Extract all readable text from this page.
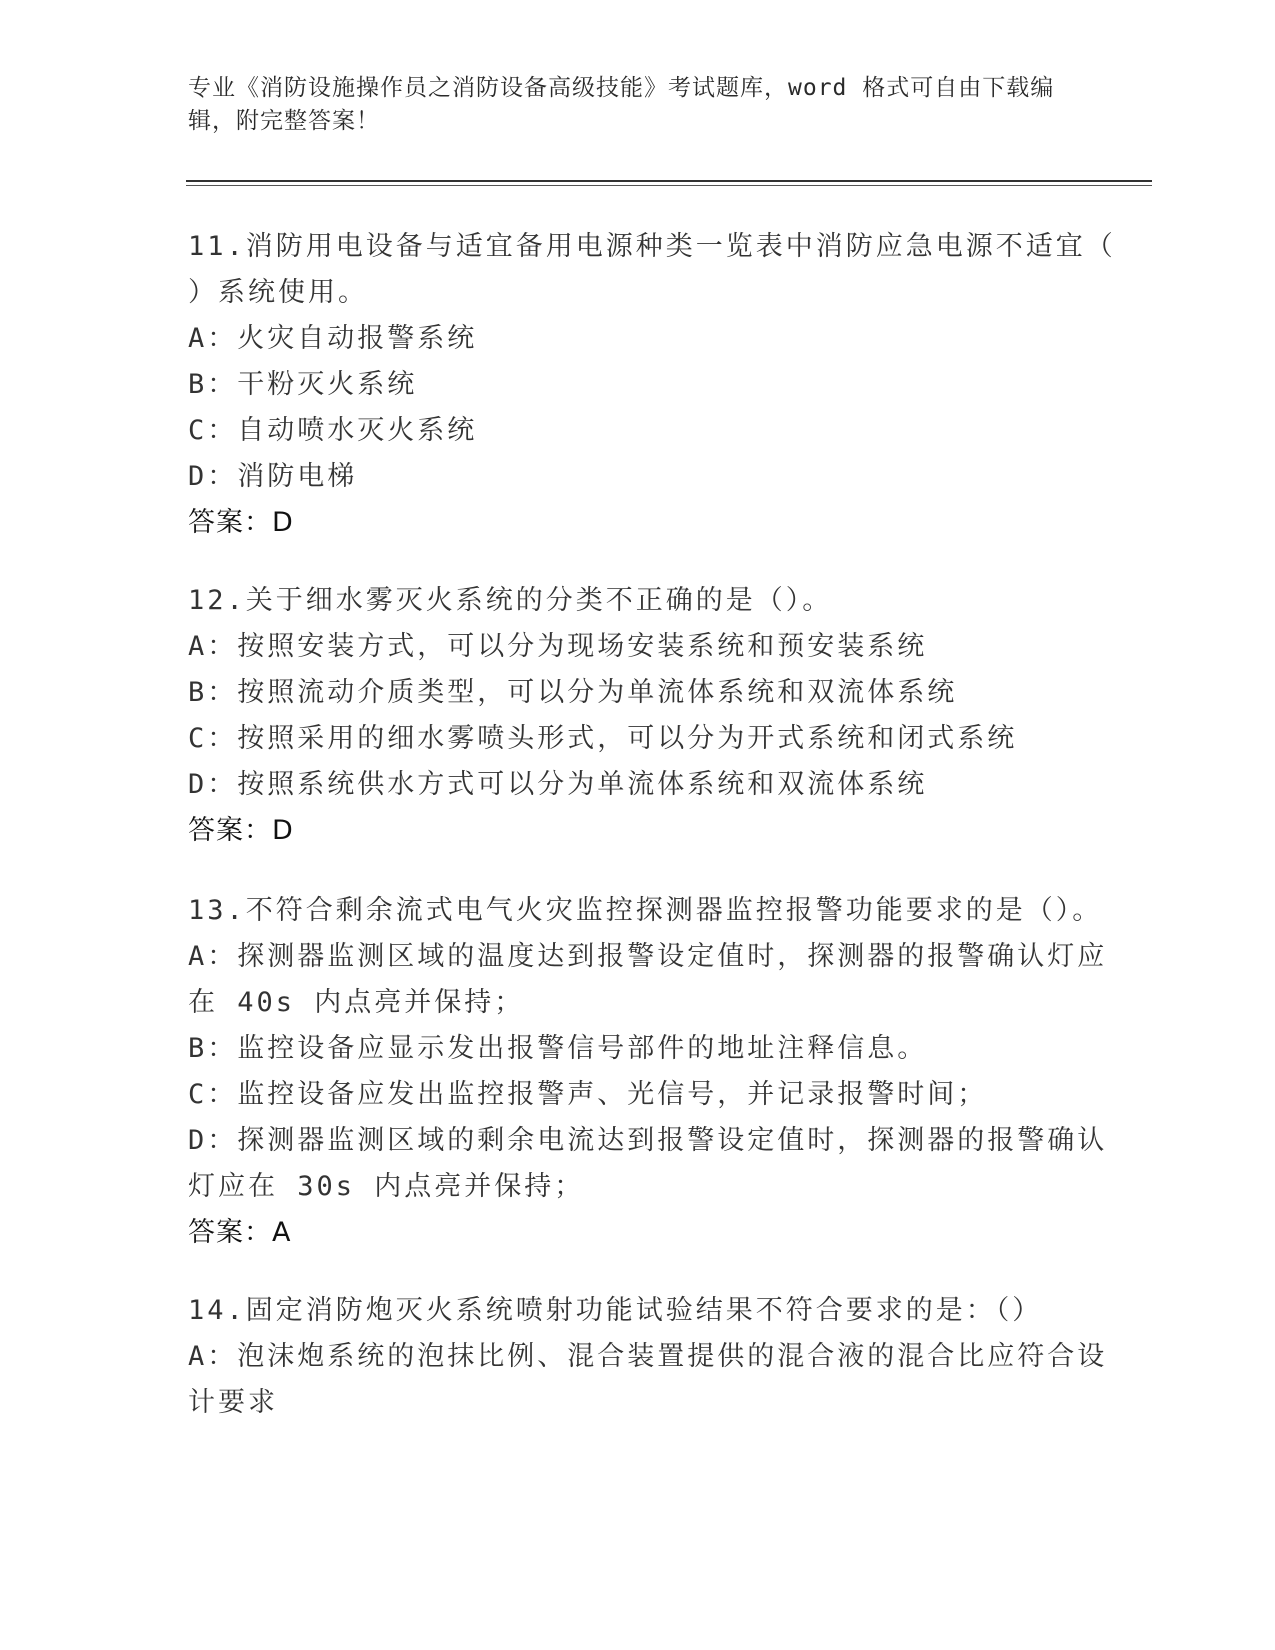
专业《消防设施操作员之消防设备高级技能》考试题库，word 格式可自由下载编
辑，附完整答案！
11.消防用电设备与适宜备用电源种类一览表中消防应急电源不适宜（
）系统使用。
A：火灾自动报警系统
B：干粉灭火系统
C：自动喷水灭火系统
D：消防电梯
答案：D
12.关于细水雾灭火系统的分类不正确的是（）。
A：按照安装方式，可以分为现场安装系统和预安装系统
B：按照流动介质类型，可以分为单流体系统和双流体系统
C：按照采用的细水雾喷头形式，可以分为开式系统和闭式系统
D：按照系统供水方式可以分为单流体系统和双流体系统
答案：D
13.不符合剩余流式电气火灾监控探测器监控报警功能要求的是（）。
A：探测器监测区域的温度达到报警设定值时，探测器的报警确认灯应
在 40s 内点亮并保持；
B：监控设备应显示发出报警信号部件的地址注释信息。
C：监控设备应发出监控报警声、光信号，并记录报警时间；
D：探测器监测区域的剩余电流达到报警设定值时，探测器的报警确认
灯应在 30s 内点亮并保持；
答案：A
14.固定消防炮灭火系统喷射功能试验结果不符合要求的是：（）
A：泡沫炮系统的泡抹比例、混合装置提供的混合液的混合比应符合设
计要求
